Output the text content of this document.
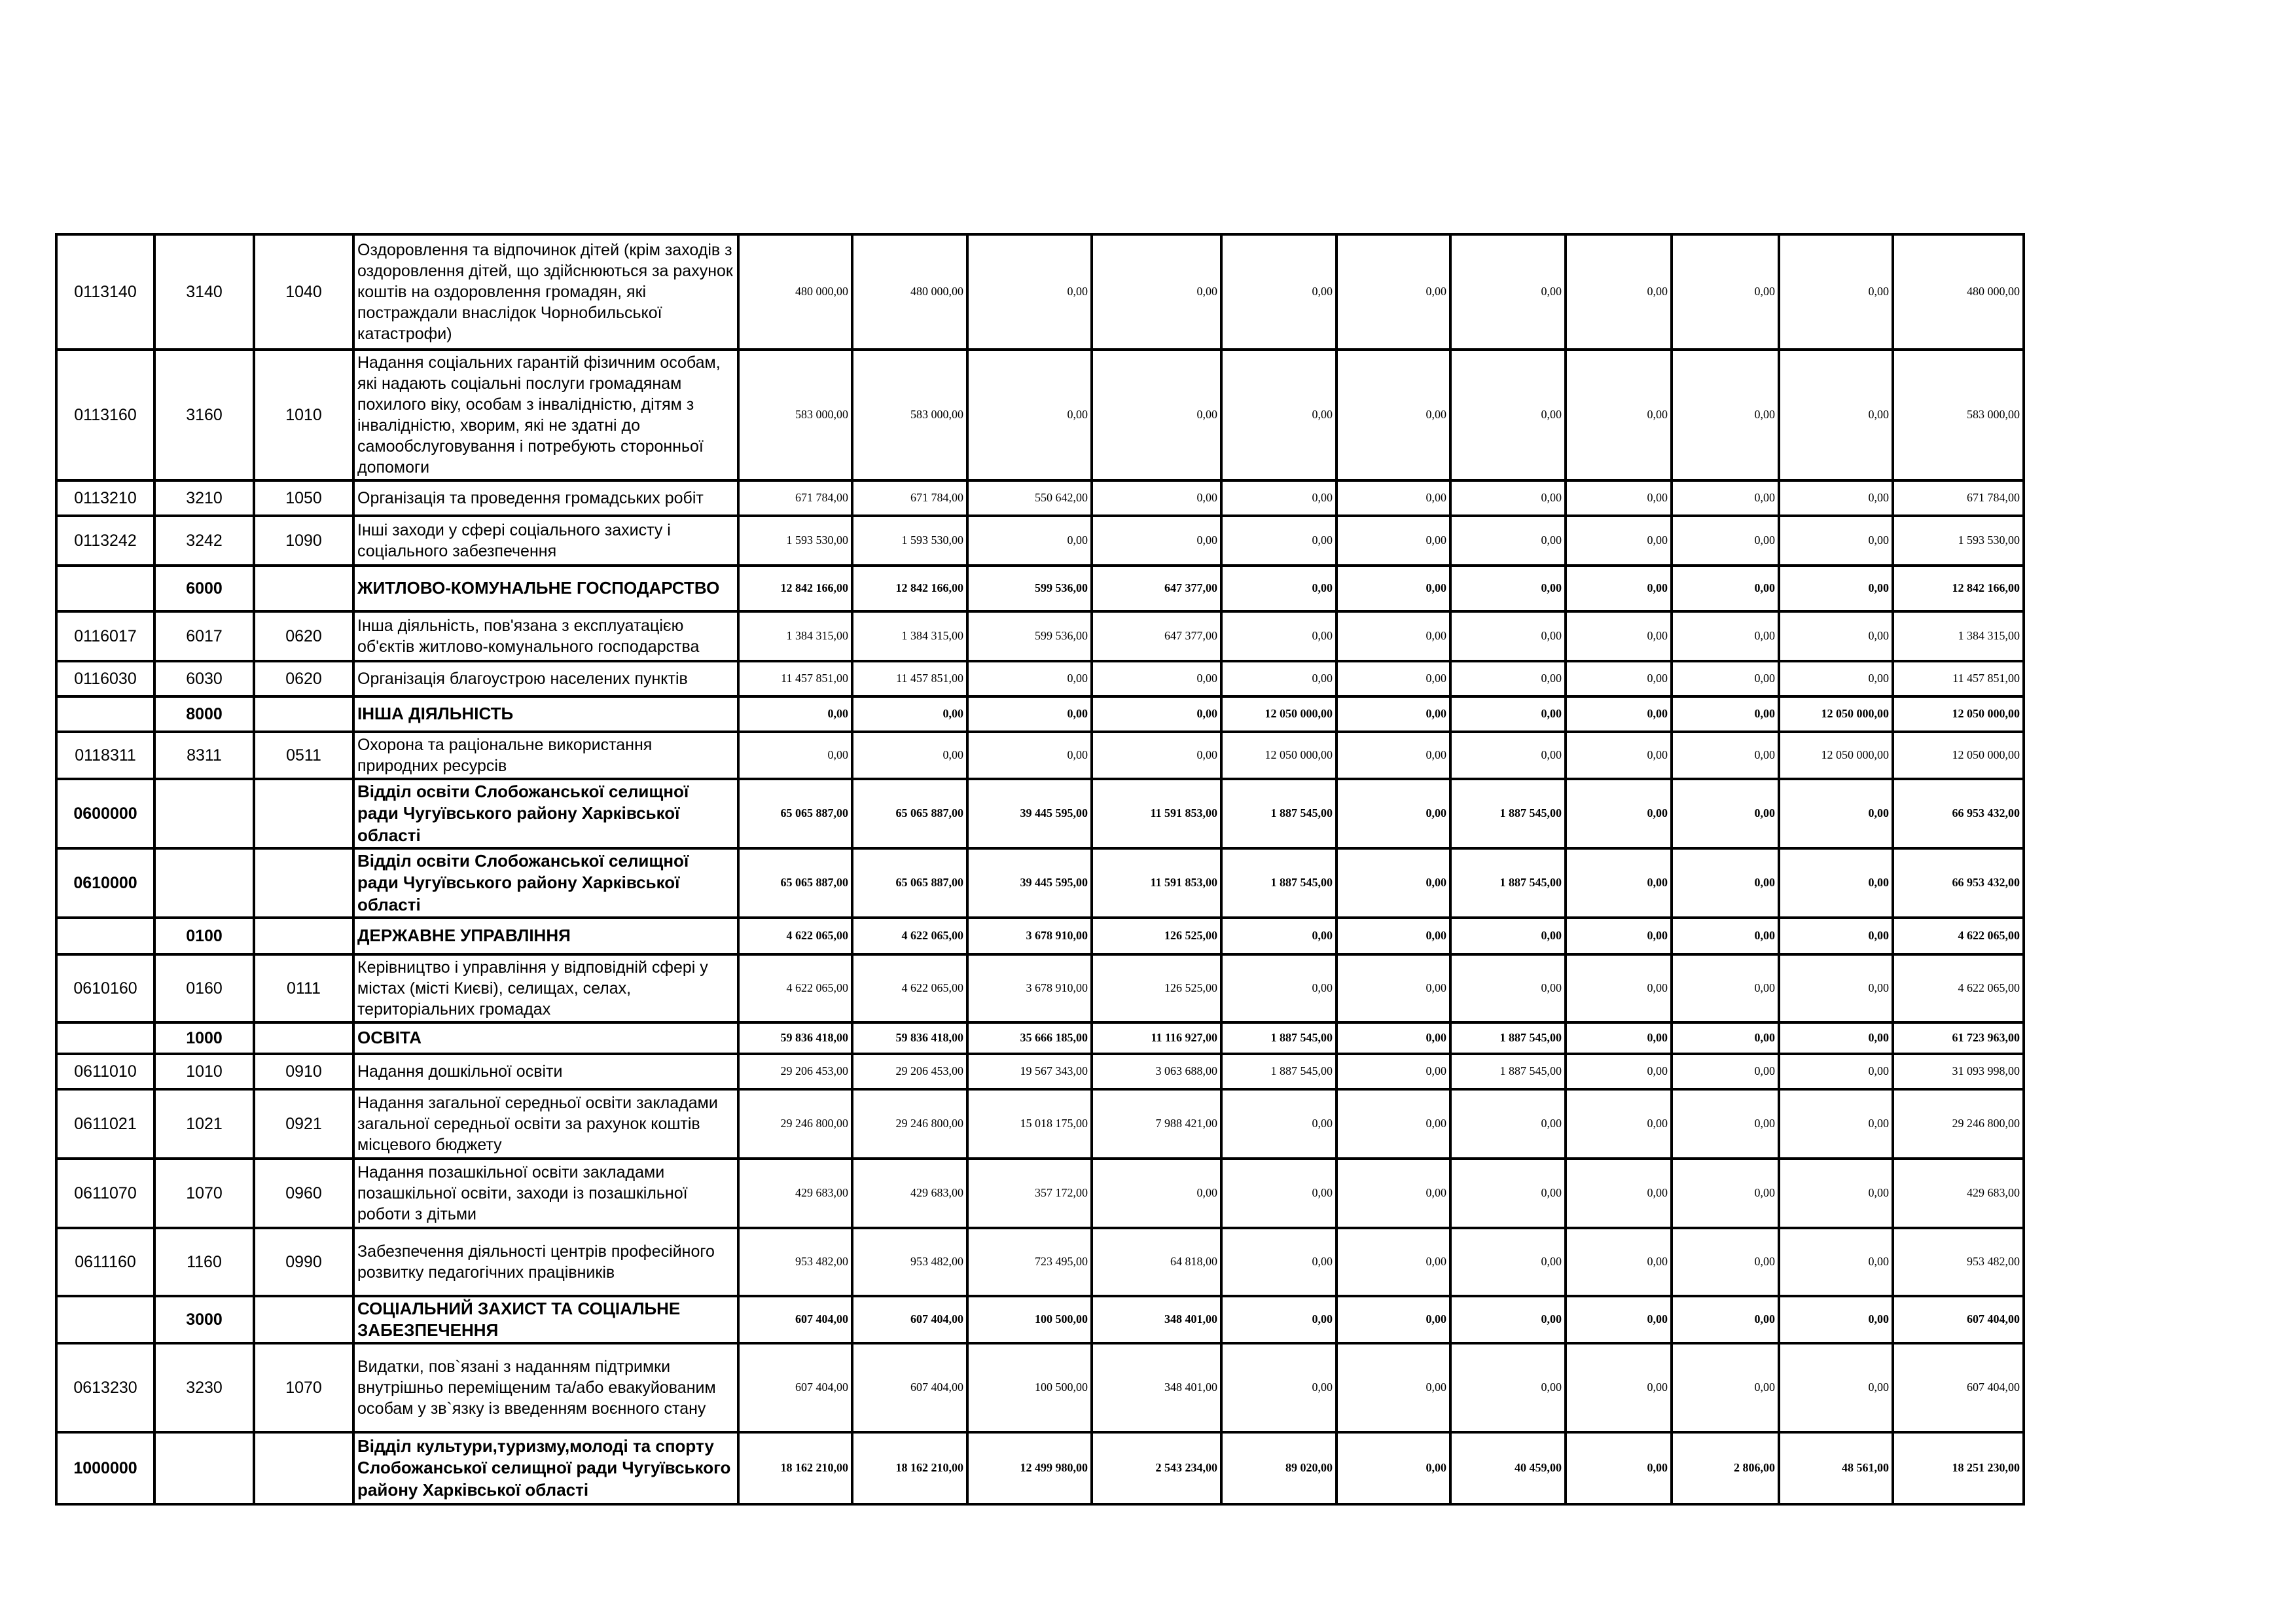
0113140	3140	1040	Оздоровлення та відпочинок дітей (крім заходів з оздоровлення дітей, що здійснюються за рахунок коштів на оздоровлення громадян, які постраждали внаслідок Чорнобильської катастрофи)	480 000,00	480 000,00	0,00	0,00	0,00	0,00	0,00	0,00	0,00	0,00	480 000,00
0113160	3160	1010	Надання соціальних гарантій фізичним особам, які надають соціальні послуги громадянам похилого віку, особам з інвалідністю, дітям з інвалідністю, хворим, які не здатні до самообслуговування і потребують сторонньої допомоги	583 000,00	583 000,00	0,00	0,00	0,00	0,00	0,00	0,00	0,00	0,00	583 000,00
0113210	3210	1050	Організація та проведення громадських робіт	671 784,00	671 784,00	550 642,00	0,00	0,00	0,00	0,00	0,00	0,00	0,00	671 784,00
0113242	3242	1090	Інші заходи у сфері соціального захисту і соціального забезпечення	1 593 530,00	1 593 530,00	0,00	0,00	0,00	0,00	0,00	0,00	0,00	0,00	1 593 530,00
	6000		ЖИТЛОВО-КОМУНАЛЬНЕ ГОСПОДАРСТВО	12 842 166,00	12 842 166,00	599 536,00	647 377,00	0,00	0,00	0,00	0,00	0,00	0,00	12 842 166,00
0116017	6017	0620	Інша діяльність, пов'язана з експлуатацією об'єктів житлово-комунального господарства	1 384 315,00	1 384 315,00	599 536,00	647 377,00	0,00	0,00	0,00	0,00	0,00	0,00	1 384 315,00
0116030	6030	0620	Організація благоустрою населених пунктів	11 457 851,00	11 457 851,00	0,00	0,00	0,00	0,00	0,00	0,00	0,00	0,00	11 457 851,00
	8000		ІНША ДІЯЛЬНІСТЬ	0,00	0,00	0,00	0,00	12 050 000,00	0,00	0,00	0,00	0,00	12 050 000,00	12 050 000,00
0118311	8311	0511	Охорона та раціональне використання природних ресурсів	0,00	0,00	0,00	0,00	12 050 000,00	0,00	0,00	0,00	0,00	12 050 000,00	12 050 000,00
0600000			Відділ освіти Слобожанської селищної ради Чугуївського району Харківської області	65 065 887,00	65 065 887,00	39 445 595,00	11 591 853,00	1 887 545,00	0,00	1 887 545,00	0,00	0,00	0,00	66 953 432,00
0610000			Відділ освіти Слобожанської селищної ради Чугуївського району Харківської області	65 065 887,00	65 065 887,00	39 445 595,00	11 591 853,00	1 887 545,00	0,00	1 887 545,00	0,00	0,00	0,00	66 953 432,00
	0100		ДЕРЖАВНЕ УПРАВЛІННЯ	4 622 065,00	4 622 065,00	3 678 910,00	126 525,00	0,00	0,00	0,00	0,00	0,00	0,00	4 622 065,00
0610160	0160	0111	Керівництво і управління у відповідній сфері у містах (місті Києві), селищах, селах, територіальних громадах	4 622 065,00	4 622 065,00	3 678 910,00	126 525,00	0,00	0,00	0,00	0,00	0,00	0,00	4 622 065,00
	1000		ОСВІТА	59 836 418,00	59 836 418,00	35 666 185,00	11 116 927,00	1 887 545,00	0,00	1 887 545,00	0,00	0,00	0,00	61 723 963,00
0611010	1010	0910	Надання дошкільної освіти	29 206 453,00	29 206 453,00	19 567 343,00	3 063 688,00	1 887 545,00	0,00	1 887 545,00	0,00	0,00	0,00	31 093 998,00
0611021	1021	0921	Надання загальної середньої освіти закладами загальної середньої освіти за рахунок коштів місцевого бюджету	29 246 800,00	29 246 800,00	15 018 175,00	7 988 421,00	0,00	0,00	0,00	0,00	0,00	0,00	29 246 800,00
0611070	1070	0960	Надання позашкільної освіти закладами позашкільної освіти, заходи із позашкільної роботи з дітьми	429 683,00	429 683,00	357 172,00	0,00	0,00	0,00	0,00	0,00	0,00	0,00	429 683,00
0611160	1160	0990	Забезпечення діяльності центрів професійного розвитку педагогічних працівників	953 482,00	953 482,00	723 495,00	64 818,00	0,00	0,00	0,00	0,00	0,00	0,00	953 482,00
	3000		СОЦІАЛЬНИЙ ЗАХИСТ ТА СОЦІАЛЬНЕ ЗАБЕЗПЕЧЕННЯ	607 404,00	607 404,00	100 500,00	348 401,00	0,00	0,00	0,00	0,00	0,00	0,00	607 404,00
0613230	3230	1070	Видатки, пов`язані з наданням підтримки внутрішньо переміщеним та/або евакуйованим особам у зв`язку із введенням воєнного стану	607 404,00	607 404,00	100 500,00	348 401,00	0,00	0,00	0,00	0,00	0,00	0,00	607 404,00
1000000			Відділ культури,туризму,молоді та спорту Слобожанської селищної ради Чугуївського району Харківської області	18 162 210,00	18 162 210,00	12 499 980,00	2 543 234,00	89 020,00	0,00	40 459,00	0,00	2 806,00	48 561,00	18 251 230,00
